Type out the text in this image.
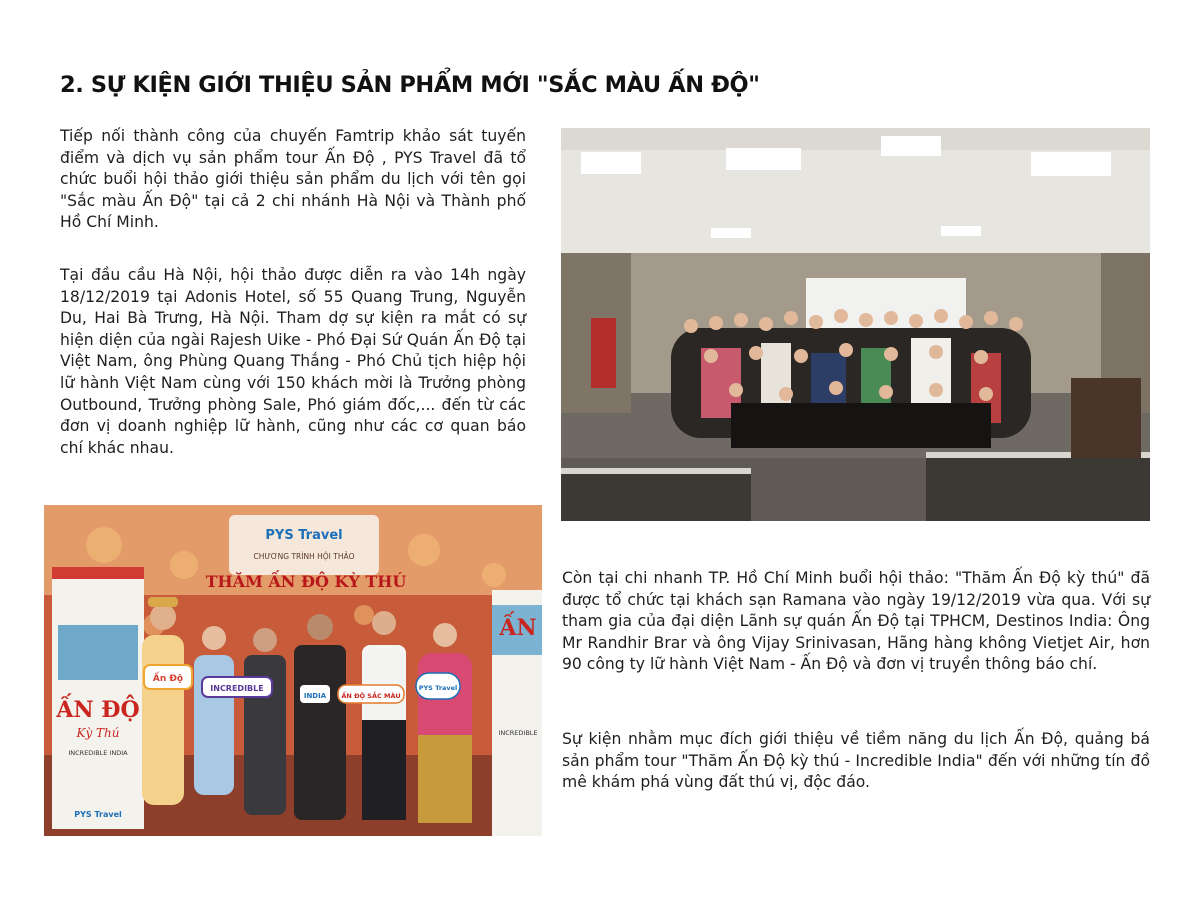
2. SỰ KIỆN GIỚI THIỆU SẢN PHẨM MỚI "SẮC MÀU ẤN ĐỘ"

Tiếp nối thành công của chuyến Famtrip khảo sát tuyến điểm và dịch vụ sản phẩm tour Ấn Độ , PYS Travel đã tổ chức buổi hội thảo giới thiệu sản phẩm du lịch với tên gọi "Sắc màu Ấn Độ" tại cả 2 chi nhánh Hà Nội và Thành phố Hồ Chí Minh.

Tại đầu cầu Hà Nội, hội thảo được diễn ra vào 14h ngày 18/12/2019 tại Adonis Hotel, số 55 Quang Trung, Nguyễn Du, Hai Bà Trưng, Hà Nội. Tham dợ sự kiện ra mắt có sự hiện diện của ngài Rajesh Uike - Phó Đại Sứ Quán Ấn Độ tại Việt Nam, ông Phùng Quang Thắng - Phó Chủ tịch hiệp hội lữ hành Việt Nam cùng với 150 khách mời là Trưởng phòng Outbound, Trưởng phòng Sale, Phó giám đốc,... đến từ các đơn vị doanh nghiệp lữ hành, cũng như các cơ quan báo chí khác nhau.

Còn tại chi nhanh TP. Hồ Chí Minh buổi hội thảo: "Thăm Ấn Độ kỳ thú" đã được tổ chức tại khách sạn Ramana vào ngày 19/12/2019 vừa qua. Với sự tham gia của đại diện Lãnh sự quán Ấn Độ tại TPHCM, Destinos India: Ông Mr Randhir Brar và ông Vijay Srinivasan, Hãng hàng không Vietjet Air, hơn 90 công ty lữ hành Việt Nam - Ấn Độ và đơn vị truyền thông báo chí.

Sự kiện nhằm mục đích giới thiệu về tiềm năng du lịch Ấn Độ, quảng bá sản phẩm tour "Thăm Ấn Độ kỳ thú - Incredible India" đến với những tín đồ mê khám phá vùng đất thú vị, độc đáo.

PYS Travel
CHƯƠNG TRÌNH HỘI THẢO
THĂM ẤN ĐỘ KỲ THÚ
ẤN ĐỘ
Kỳ Thú
INCREDIBLE INDIA
PYS Travel
ẤN
INCREDIBLE
Ấn Độ
INCREDIBLE
INDIA ẤN ĐỘ SẮC MÀU
PYS Travel
